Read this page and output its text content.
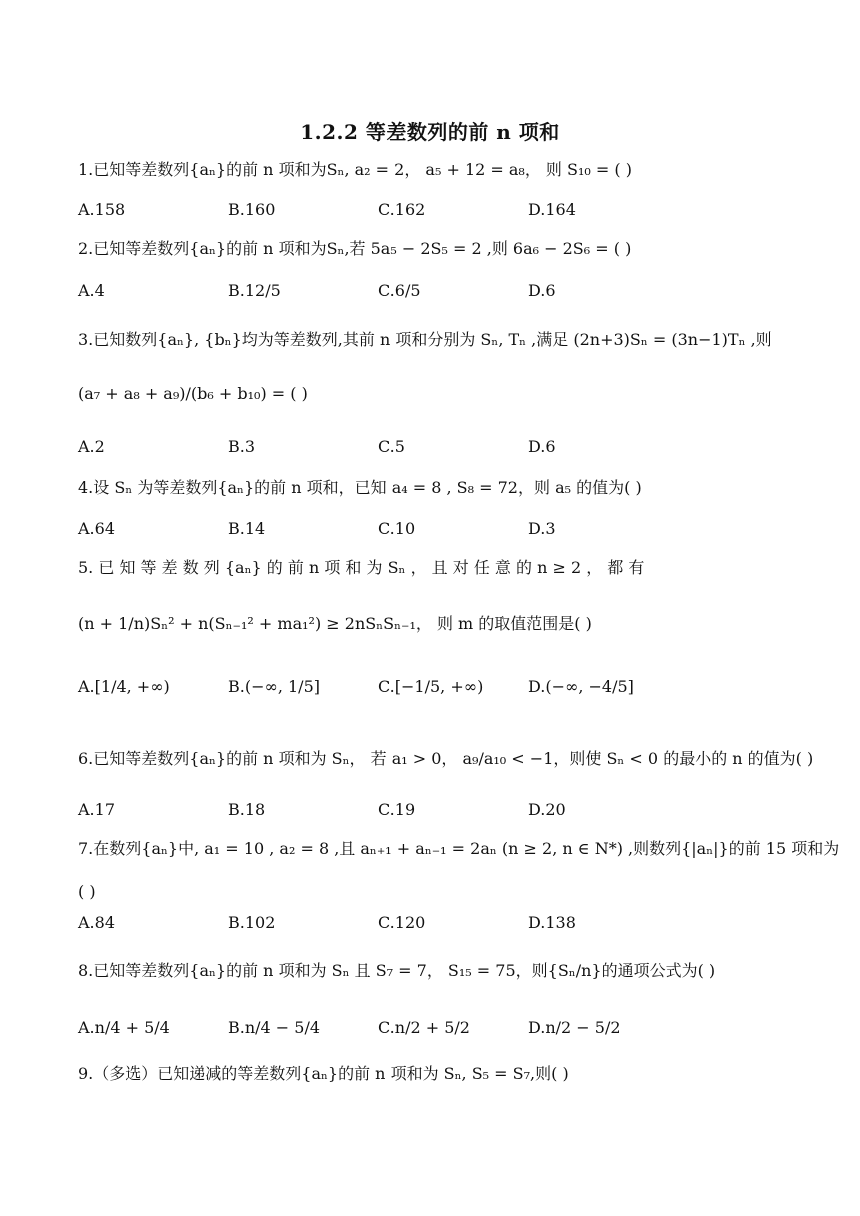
1.2.2 等差数列的前 n 项和
1.已知等差数列{aₙ}的前 n 项和为Sₙ, a₂ = 2， a₅ + 12 = a₈， 则 S₁₀ = ( )
A.158	B.160	C.162	D.164
2.已知等差数列{aₙ}的前 n 项和为Sₙ,若 5a₅ − 2S₅ = 2 ,则 6a₆ − 2S₆ = ( )
A.4	B.12/5	C.6/5	D.6
3.已知数列{aₙ}, {bₙ}均为等差数列,其前 n 项和分别为 Sₙ, Tₙ ,满足 (2n+3)Sₙ = (3n−1)Tₙ ,则
(a₇ + a₈ + a₉)/(b₆ + b₁₀) = ( )
A.2	B.3	C.5	D.6
4.设 Sₙ 为等差数列{aₙ}的前 n 项和，已知 a₄ = 8 , S₈ = 72，则 a₅ 的值为( )
A.64	B.14	C.10	D.3
5. 已 知 等 差 数 列 {aₙ} 的 前 n 项 和 为 Sₙ ， 且 对 任 意 的 n ≥ 2 ， 都 有
(n + 1/n)Sₙ² + n(Sₙ₋₁² + ma₁²) ≥ 2nSₙSₙ₋₁， 则 m 的取值范围是( )
A.[1/4, +∞)	B.(−∞, 1/5]	C.[−1/5, +∞)	D.(−∞, −4/5]
6.已知等差数列{aₙ}的前 n 项和为 Sₙ， 若 a₁ > 0， a₉/a₁₀ < −1，则使 Sₙ < 0 的最小的 n 的值为( )
A.17	B.18	C.19	D.20
7.在数列{aₙ}中, a₁ = 10 , a₂ = 8 ,且 aₙ₊₁ + aₙ₋₁ = 2aₙ (n ≥ 2, n ∈ N*) ,则数列{|aₙ|}的前 15 项和为
( )
A.84	B.102	C.120	D.138
8.已知等差数列{aₙ}的前 n 项和为 Sₙ 且 S₇ = 7， S₁₅ = 75，则{Sₙ/n}的通项公式为( )
A.n/4 + 5/4	B.n/4 − 5/4	C.n/2 + 5/2	D.n/2 − 5/2
9.（多选）已知递减的等差数列{aₙ}的前 n 项和为 Sₙ, S₅ = S₇,则( )
